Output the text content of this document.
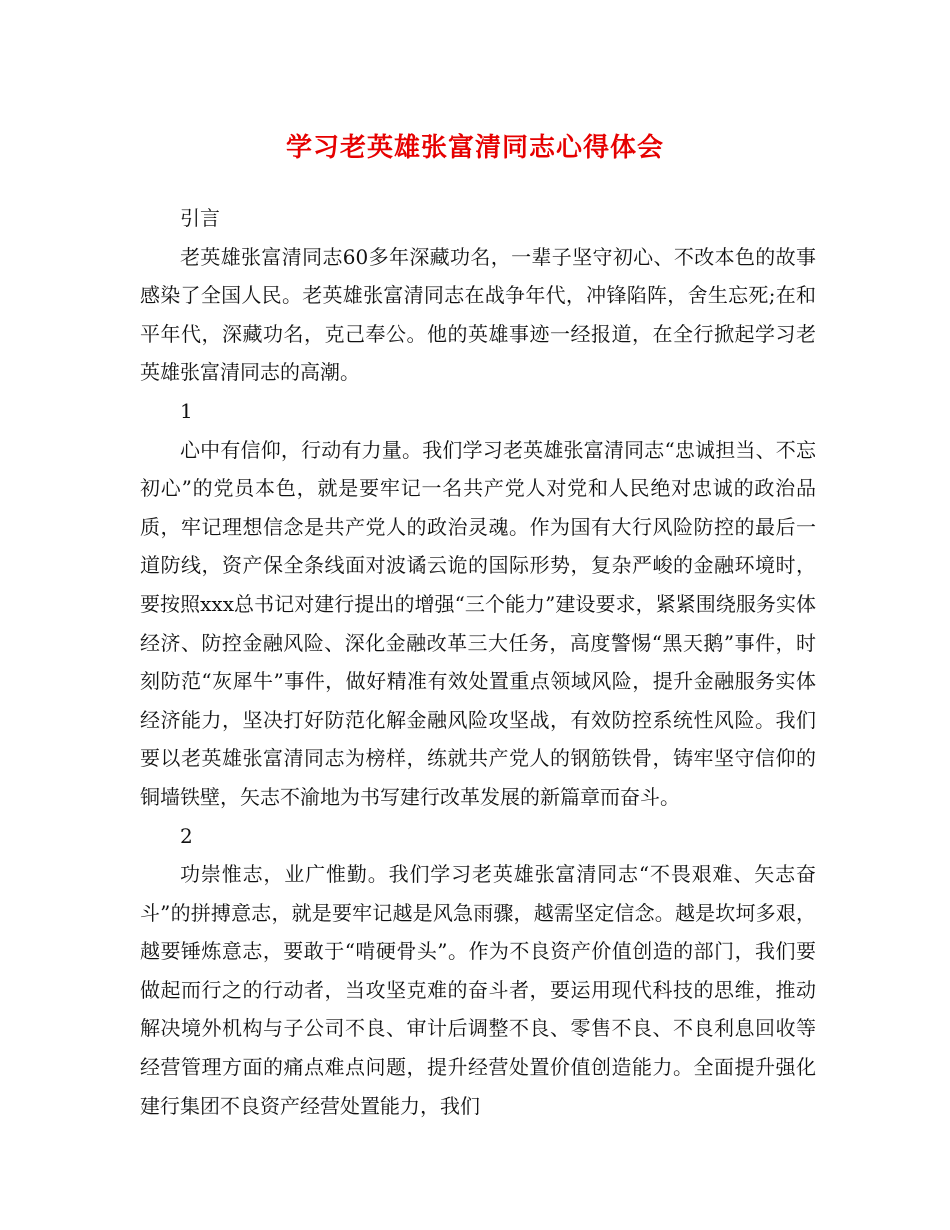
学习老英雄张富清同志心得体会

引言

老英雄张富清同志60多年深藏功名，一辈子坚守初心、不改本色的故事感染了全国人民。老英雄张富清同志在战争年代，冲锋陷阵，舍生忘死;在和平年代，深藏功名，克己奉公。他的英雄事迹一经报道，在全行掀起学习老英雄张富清同志的高潮。

1

心中有信仰，行动有力量。我们学习老英雄张富清同志“忠诚担当、不忘初心”的党员本色，就是要牢记一名共产党人对党和人民绝对忠诚的政治品质，牢记理想信念是共产党人的政治灵魂。作为国有大行风险防控的最后一道防线，资产保全条线面对波谲云诡的国际形势，复杂严峻的金融环境时，要按照xxx总书记对建行提出的增强“三个能力”建设要求，紧紧围绕服务实体经济、防控金融风险、深化金融改革三大任务，高度警惕“黑天鹅”事件，时刻防范“灰犀牛”事件，做好精准有效处置重点领域风险，提升金融服务实体经济能力，坚决打好防范化解金融风险攻坚战，有效防控系统性风险。我们要以老英雄张富清同志为榜样，练就共产党人的钢筋铁骨，铸牢坚守信仰的铜墙铁壁，矢志不渝地为书写建行改革发展的新篇章而奋斗。

2

功崇惟志，业广惟勤。我们学习老英雄张富清同志“不畏艰难、矢志奋斗”的拼搏意志，就是要牢记越是风急雨骤，越需坚定信念。越是坎坷多艰，越要锤炼意志，要敢于“啃硬骨头”。作为不良资产价值创造的部门，我们要做起而行之的行动者，当攻坚克难的奋斗者，要运用现代科技的思维，推动解决境外机构与子公司不良、审计后调整不良、零售不良、不良利息回收等经营管理方面的痛点难点问题，提升经营处置价值创造能力。全面提升强化建行集团不良资产经营处置能力，我们
